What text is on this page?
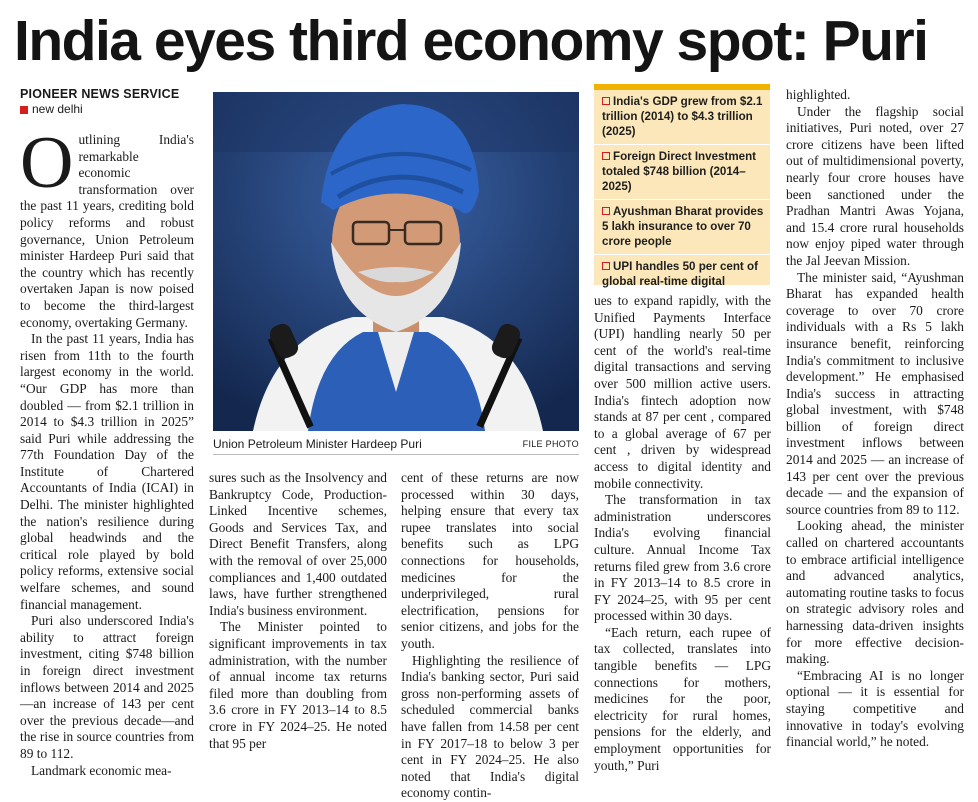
India eyes third economy spot: Puri
PIONEER NEWS SERVICE
new delhi

Outlining India's remarkable economic transformation over the past 11 years, crediting bold policy reforms and robust governance, Union Petroleum minister Hardeep Puri said that the country which has recently overtaken Japan is now poised to become the third-largest economy, overtaking Germany.

In the past 11 years, India has risen from 11th to the fourth largest economy in the world. “Our GDP has more than doubled — from $2.1 trillion in 2014 to $4.3 trillion in 2025” said Puri while addressing the 77th Foundation Day of the Institute of Chartered Accountants of India (ICAI) in Delhi. The minister highlighted the nation's resilience during global headwinds and the critical role played by bold policy reforms, extensive social welfare schemes, and sound financial management.

Puri also underscored India's ability to attract foreign investment, citing $748 billion in foreign direct investment inflows between 2014 and 2025—an increase of 143 per cent over the previous decade—and the rise in source countries from 89 to 112.

Landmark economic mea-

Union Petroleum Minister Hardeep Puri	FILE PHOTO

sures such as the Insolvency and Bankruptcy Code, Production-Linked Incentive schemes, Goods and Services Tax, and Direct Benefit Transfers, along with the removal of over 25,000 compliances and 1,400 outdated laws, have further strengthened India's business environment.

The Minister pointed to significant improvements in tax administration, with the number of annual income tax returns filed more than doubling from 3.6 crore in FY 2013–14 to 8.5 crore in FY 2024–25. He noted that 95 per

cent of these returns are now processed within 30 days, helping ensure that every tax rupee translates into social benefits such as LPG connections for households, medicines for the underprivileged, rural electrification, pensions for senior citizens, and jobs for the youth.

Highlighting the resilience of India's banking sector, Puri said gross non-performing assets of scheduled commercial banks have fallen from 14.58 per cent in FY 2017–18 to below 3 per cent in FY 2024–25. He also noted that India's digital economy contin-

India's GDP grew from $2.1 trillion (2014) to $4.3 trillion (2025)
Foreign Direct Investment totaled $748 billion (2014–2025)
Ayushman Bharat provides 5 lakh insurance to over 70 crore people
UPI handles 50 per cent of global real-time digital

ues to expand rapidly, with the Unified Payments Interface (UPI) handling nearly 50 per cent of the world's real-time digital transactions and serving over 500 million active users. India's fintech adoption now stands at 87 per cent , compared to a global average of 67 per cent , driven by widespread access to digital identity and mobile connectivity.

The transformation in tax administration underscores India's evolving financial culture. Annual Income Tax returns filed grew from 3.6 crore in FY 2013–14 to 8.5 crore in FY 2024–25, with 95 per cent processed within 30 days.

“Each return, each rupee of tax collected, translates into tangible benefits — LPG connections for mothers, medicines for the poor, electricity for rural homes, pensions for the elderly, and employment opportunities for youth,” Puri

highlighted.

Under the flagship social initiatives, Puri noted, over 27 crore citizens have been lifted out of multidimensional poverty, nearly four crore houses have been sanctioned under the Pradhan Mantri Awas Yojana, and 15.4 crore rural households now enjoy piped water through the Jal Jeevan Mission.

The minister said, “Ayushman Bharat has expanded health coverage to over 70 crore individuals with a Rs 5 lakh insurance benefit, reinforcing India's commitment to inclusive development.” He emphasised India's success in attracting global investment, with $748 billion of foreign direct investment inflows between 2014 and 2025 — an increase of 143 per cent over the previous decade — and the expansion of source countries from 89 to 112.

Looking ahead, the minister called on chartered accountants to embrace artificial intelligence and advanced analytics, automating routine tasks to focus on strategic advisory roles and harnessing data-driven insights for more effective decision-making.

“Embracing AI is no longer optional — it is essential for staying competitive and innovative in today's evolving financial world,” he noted.
